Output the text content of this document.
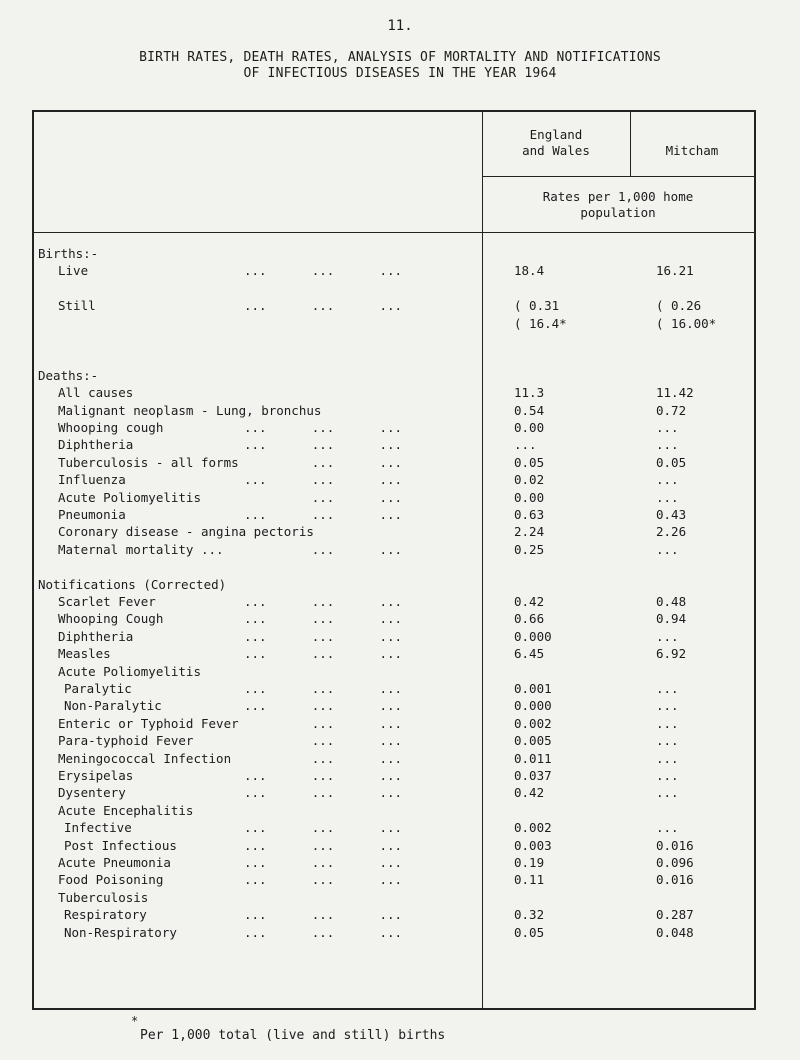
11.
BIRTH RATES, DEATH RATES, ANALYSIS OF MORTALITY AND NOTIFICATIONS
OF INFECTIOUS DISEASES IN THE YEAR 1964
England
and Wales	Mitcham
Rates per 1,000 home
population
Births:-
Live	...      ...      ...	18.4	16.21
Still	...      ...      ...	( 0.31	( 0.26
( 16.4*	( 16.00*
Deaths:-
All causes	11.3	11.42
Malignant neoplasm - Lung, bronchus	0.54	0.72
Whooping cough	...      ...      ...	0.00	...
Diphtheria	...      ...      ...	...	...
Tuberculosis - all forms ...      ...	0.05	0.05
Influenza	...      ...      ...	0.02	...
Acute Poliomyelitis	...      ...	0.00	...
Pneumonia	...      ...      ...	0.63	0.43
Coronary disease - angina pectoris	2.24	2.26
Maternal mortality ... ...      ...	0.25	...
Notifications (Corrected)
Scarlet Fever	...      ...      ...	0.42	0.48
Whooping Cough	...      ...      ...	0.66	0.94
Diphtheria	...      ...      ...	0.000	...
Measles	...      ...      ...	6.45	6.92
Acute Poliomyelitis
Paralytic	...      ...      ...	0.001	...
Non-Paralytic	...      ...      ...	0.000	...
Enteric or Typhoid Fever ...      ...	0.002	...
Para-typhoid Fever	...      ...	0.005	...
Meningococcal Infection ...      ...	0.011	...
Erysipelas	...      ...      ...	0.037	...
Dysentery	...      ...      ...	0.42	...
Acute Encephalitis
Infective	...      ...      ...	0.002	...
Post Infectious	...      ...      ...	0.003	0.016
Acute Pneumonia	...      ...      ...	0.19	0.096
Food Poisoning	...      ...      ...	0.11	0.016
Tuberculosis
Respiratory	...      ...      ...	0.32	0.287
Non-Respiratory	...      ...      ...	0.05	0.048
*
Per 1,000 total (live and still) births
